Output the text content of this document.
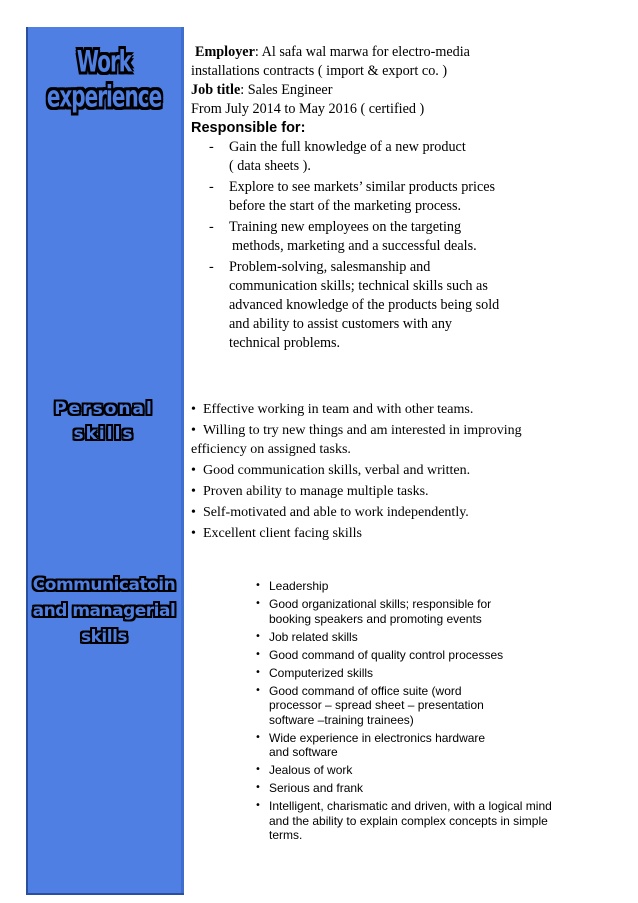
Work experience
Personal
skills
Communicatoin
and managerial
skills
Employer: Al safa wal marwa for electro-media
installations contracts ( import & export co. )
Job title: Sales Engineer
From July 2014 to May 2016 ( certified )
Responsible for:
- Gain the full knowledge of a new product
( data sheets ).
- Explore to see markets’ similar products prices
before the start of the marketing process.
- Training new employees on the targeting
methods, marketing and a successful deals.
- Problem-solving, salesmanship and
communication skills; technical skills such as
advanced knowledge of the products being sold
and ability to assist customers with any
technical problems.
• Effective working in team and with other teams.
• Willing to try new things and am interested in improving
efficiency on assigned tasks.
• Good communication skills, verbal and written.
• Proven ability to manage multiple tasks.
• Self-motivated and able to work independently.
• Excellent client facing skills
• Leadership
• Good organizational skills; responsible for
booking speakers and promoting events
• Job related skills
• Good command of quality control processes
• Computerized skills
• Good command of office suite (word
processor – spread sheet – presentation
software –training trainees)
• Wide experience in electronics hardware
and software
• Jealous of work
• Serious and frank
• Intelligent, charismatic and driven, with a logical mind
and the ability to explain complex concepts in simple
terms.
